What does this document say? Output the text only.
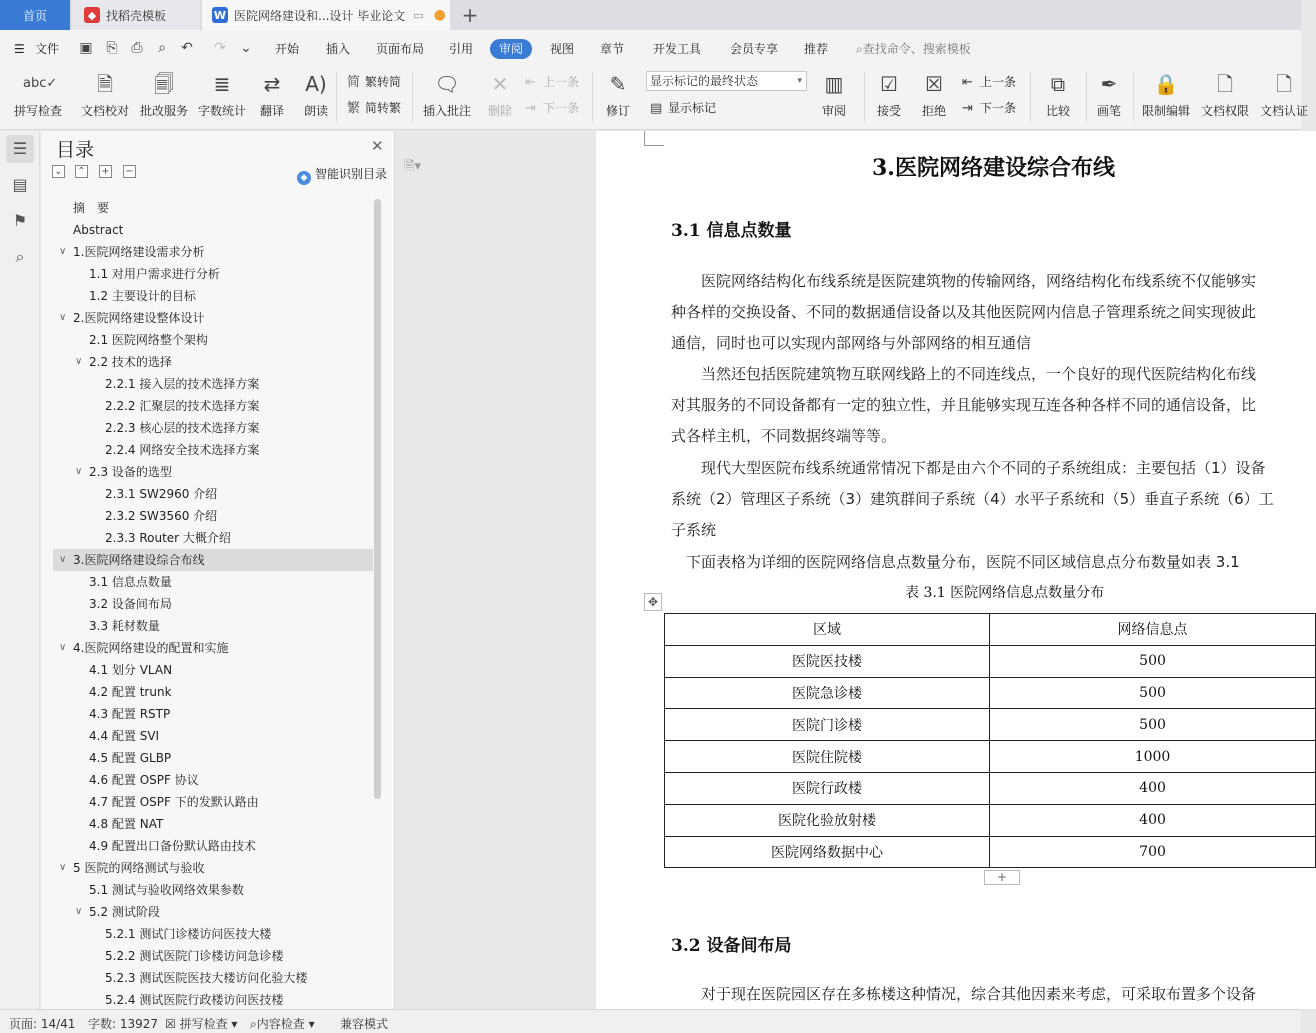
首页	◆ 找稻壳模板	W 医院网络建设和...设计 毕业论文 ▭ ● +
☰ 文件 ▣ ⎘ ⎙ ⌕ ↶ ↷ ⌄ 开始 插入 页面布局 引用	审阅	视图 章节 开发工具 会员专享 推荐 ⌕查找命令、搜索模板
abc✓
拼写检查
🗎
文档校对
🗐
批改服务
≣
字数统计
⇄
翻译
A)
朗读
简 繁转简
繁 简转繁
🗨
插入批注
✕
删除
⇤ 上一条
⇥ 下一条
✎
修订
显示标记的最终状态	▾
▤ 显示标记
▥
审阅
☑
接受
☒
拒绝
⇤ 上一条
⇥ 下一条
⧉
比较
✒
画笔
🔒
限制编辑
🗋
文档权限
🗋
文档认证
☰
▤
⚑
⌕
目录	✕
⌄ ⌃ + −
◆ 智能识别目录
摘　要
Abstract
∨ 1.医院网络建设需求分析
1.1 对用户需求进行分析
1.2 主要设计的目标
∨ 2.医院网络建设整体设计
2.1 医院网络整个架构
∨ 2.2 技术的选择
2.2.1 接入层的技术选择方案
2.2.2 汇聚层的技术选择方案
2.2.3 核心层的技术选择方案
2.2.4 网络安全技术选择方案
∨ 2.3 设备的选型
2.3.1 SW2960 介绍
2.3.2 SW3560 介绍
2.3.3 Router 大概介绍
∨ 3.医院网络建设综合布线
3.1 信息点数量
3.2 设备间布局
3.3 耗材数量
∨ 4.医院网络建设的配置和实施
4.1 划分 VLAN
4.2 配置 trunk
4.3 配置 RSTP
4.4 配置 SVI
4.5 配置 GLBP
4.6 配置 OSPF 协议
4.7 配置 OSPF 下的发默认路由
4.8 配置 NAT
4.9 配置出口备份默认路由技术
∨ 5 医院的网络测试与验收
5.1 测试与验收网络效果参数
∨ 5.2 测试阶段
5.2.1 测试门诊楼访问医技大楼
5.2.2 测试医院门诊楼访问急诊楼
5.2.3 测试医院医技大楼访问化验大楼
5.2.4 测试医院行政楼访问医技楼
🗎▾	3.医院网络建设综合布线
3.1 信息点数量
　　医院网络结构化布线系统是医院建筑物的传输网络，网络结构化布线系统不仅能够实
种各样的交换设备、不同的数据通信设备以及其他医院网内信息子管理系统之间实现彼此
通信，同时也可以实现内部网络与外部网络的相互通信
　　当然还包括医院建筑物互联网线路上的不同连线点，一个良好的现代医院结构化布线
对其服务的不同设备都有一定的独立性，并且能够实现互连各种各样不同的通信设备，比
式各样主机，不同数据终端等等。
　　现代大型医院布线系统通常情况下都是由六个不同的子系统组成：主要包括（1）设备
系统（2）管理区子系统（3）建筑群间子系统（4）水平子系统和（5）垂直子系统（6）工
子系统
　下面表格为详细的医院网络信息点数量分布，医院不同区域信息点分布数量如表 3.1
表 3.1 医院网络信息点数量分布
✥
区域	网络信息点
医院医技楼	500
医院急诊楼	500
医院门诊楼	500
医院住院楼	1000
医院行政楼	400
医院化验放射楼	400
医院网络数据中心	700
+
3.2 设备间布局
　　对于现在医院园区存在多栋楼这种情况，综合其他因素来考虑，可采取布置多个设备
页面: 14/41 字数: 13927 ☒ 拼写检查 ▾ ⌕内容检查 ▾ 兼容模式
